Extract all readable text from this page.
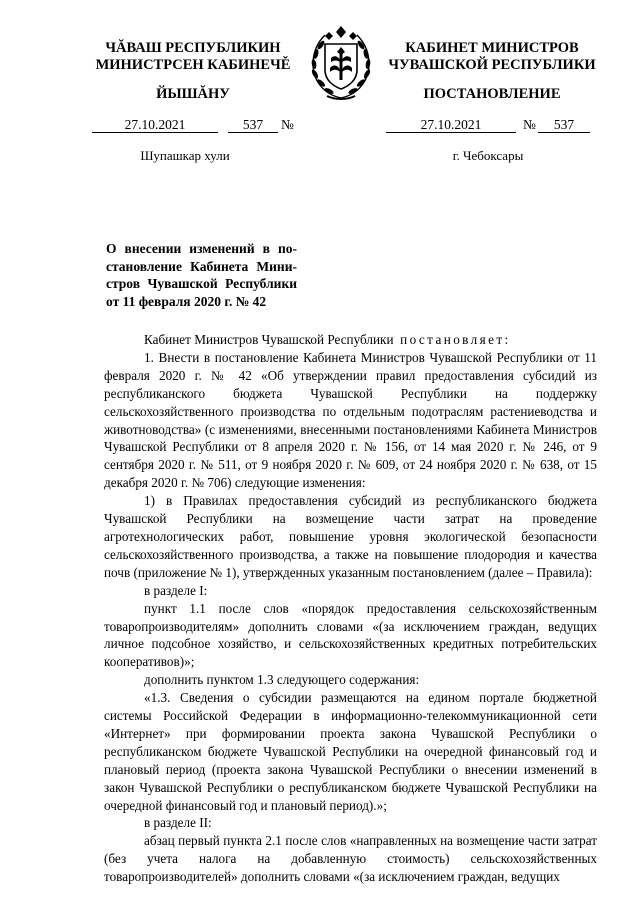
ЧĂВАШ РЕСПУБЛИКИН
МИНИСТРСЕН КАБИНЕЧĚ
ЙЫШĂНУ
КАБИНЕТ МИНИСТРОВ
ЧУВАШСКОЙ РЕСПУБЛИКИ
ПОСТАНОВЛЕНИЕ
27.10.2021	537	№	27.10.2021	№	537
Шупашкар хули	г. Чебоксары
О внесении изменений в по-
становление Кабинета Мини-
стров Чувашской Республики
от 11 февраля 2020 г. № 42

Кабинет Министров Чувашской Республики постановляет:

1. Внести в постановление Кабинета Министров Чувашской Республики от 11 февраля 2020 г. № 42 «Об утверждении правил предоставления субсидий из республиканского бюджета Чувашской Республики на поддержку сельскохозяйственного производства по отдельным подотраслям растениеводства и животноводства» (с изменениями, внесенными постановлениями Кабинета Министров Чувашской Республики от 8 апреля 2020 г. № 156, от 14 мая 2020 г. № 246, от 9 сентября 2020 г. № 511, от 9 ноября 2020 г. № 609, от 24 ноября 2020 г. № 638, от 15 декабря 2020 г. № 706) следующие изменения:

1) в Правилах предоставления субсидий из республиканского бюджета Чувашской Республики на возмещение части затрат на проведение агротехнологических работ, повышение уровня экологической безопасности сельскохозяйственного производства, а также на повышение плодородия и качества почв (приложение № 1), утвержденных указанным постановлением (далее – Правила):

в разделе I:

пункт 1.1 после слов «порядок предоставления сельскохозяйственным товаропроизводителям» дополнить словами «(за исключением граждан, ведущих личное подсобное хозяйство, и сельскохозяйственных кредитных потребительских кооперативов)»;

дополнить пунктом 1.3 следующего содержания:

«1.3. Сведения о субсидии размещаются на едином портале бюджетной системы Российской Федерации в информационно-телекоммуникационной сети «Интернет» при формировании проекта закона Чувашской Республики о республиканском бюджете Чувашской Республики на очередной финансовый год и плановый период (проекта закона Чувашской Республики о внесении изменений в закон Чувашской Республики о республиканском бюджете Чувашской Республики на очередной финансовый год и плановый период).»;

в разделе II:

абзац первый пункта 2.1 после слов «направленных на возмещение части затрат (без учета налога на добавленную стоимость) сельскохозяйственных товаропроизводителей» дополнить словами «(за исключением граждан, ведущих
